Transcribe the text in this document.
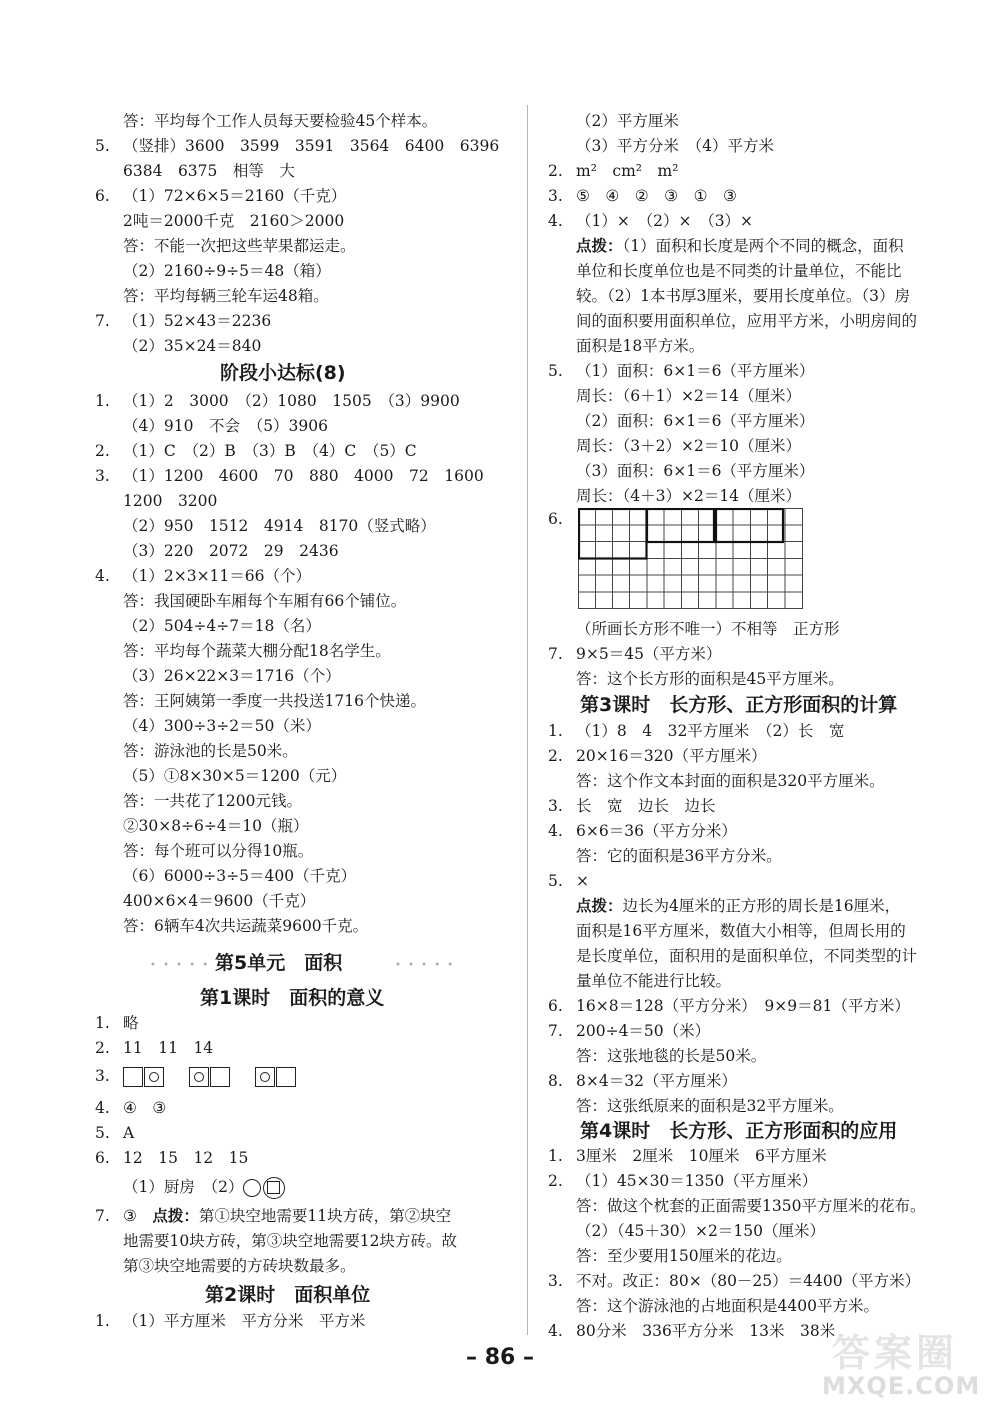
答：平均每个工作人员每天要检验45个样本。
5. （竖排）3600　3599　3591　3564　6400　6396
6384　6375　相等　大
6. （1）72×6×5＝2160（千克）
2吨＝2000千克　2160＞2000
答：不能一次把这些苹果都运走。
（2）2160÷9÷5＝48（箱）
答：平均每辆三轮车运48箱。
7. （1）52×43＝2236
（2）35×24＝840
阶段小达标(8)
1. （1）2　3000　（2）1080　1505　（3）9900
（4）910　不会　（5）3906
2. （1）C　（2）B　（3）B　（4）C　（5）C
3. （1）1200　4600　70　880　4000　72　1600
1200　3200
（2）950　1512　4914　8170（竖式略）
（3）220　2072　29　2436
4. （1）2×3×11＝66（个）
答：我国硬卧车厢每个车厢有66个铺位。
（2）504÷4÷7＝18（名）
答：平均每个蔬菜大棚分配18名学生。
（3）26×22×3＝1716（个）
答：王阿姨第一季度一共投送1716个快递。
（4）300÷3÷2＝50（米）
答：游泳池的长是50米。
（5）①8×30×5＝1200（元）
答：一共花了1200元钱。
②30×8÷6÷4＝10（瓶）
答：每个班可以分得10瓶。
（6）6000÷3÷5＝400（千克）
400×6×4＝9600（千克）
答：6辆车4次共运蔬菜9600千克。
第5单元　面积
第1课时　面积的意义
1. 略
2. 11　11　14
3.

4. ④　③
5. A
6. 12　15　12　15
（1）厨房　（2）
7. ③　点拨：第①块空地需要11块方砖，第②块空
地需要10块方砖，第③块空地需要12块方砖。故
第③块空地需要的方砖块数最多。
第2课时　面积单位
1. （1）平方厘米　平方分米　平方米
（2）平方厘米
（3）平方分米　（4）平方米
2. m²　cm²　m²
3. ⑤　④　②　③　①　③
4. （1）×　（2）×　（3）×
点拨：（1）面积和长度是两个不同的概念，面积
单位和长度单位也是不同类的计量单位，不能比
较。（2）1本书厚3厘米，要用长度单位。（3）房
间的面积要用面积单位，应用平方米，小明房间的
面积是18平方米。
5. （1）面积：6×1＝6（平方厘米）
周长：（6＋1）×2＝14（厘米）
（2）面积：6×1＝6（平方厘米）
周长：（3＋2）×2＝10（厘米）
（3）面积：6×1＝6（平方厘米）
周长：（4＋3）×2＝14（厘米）
6.
（所画长方形不唯一）不相等　正方形
7. 9×5＝45（平方米）
答：这个长方形的面积是45平方厘米。
第3课时　长方形、正方形面积的计算
1. （1）8　4　32平方厘米　（2）长　宽
2. 20×16＝320（平方厘米）
答：这个作文本封面的面积是320平方厘米。
3. 长　宽　边长　边长
4. 6×6＝36（平方分米）
答：它的面积是36平方分米。
5. ×
点拨：边长为4厘米的正方形的周长是16厘米，
面积是16平方厘米，数值大小相等，但周长用的
是长度单位，面积用的是面积单位，不同类型的计
量单位不能进行比较。
6. 16×8＝128（平方分米）　9×9＝81（平方米）
7. 200÷4＝50（米）
答：这张地毯的长是50米。
8. 8×4＝32（平方厘米）
答：这张纸原来的面积是32平方厘米。
第4课时　长方形、正方形面积的应用
1. 3厘米　2厘米　10厘米　6平方厘米
2. （1）45×30＝1350（平方厘米）
答：做这个枕套的正面需要1350平方厘米的花布。
（2）（45＋30）×2＝150（厘米）
答：至少要用150厘米的花边。
3. 不对。改正：80×（80－25）＝4400（平方米）
答：这个游泳池的占地面积是4400平方米。
4. 80分米　336平方分米　13米　38米
• • • • •	• • • • •
– 86 –	答案圈
MXQE.COM
